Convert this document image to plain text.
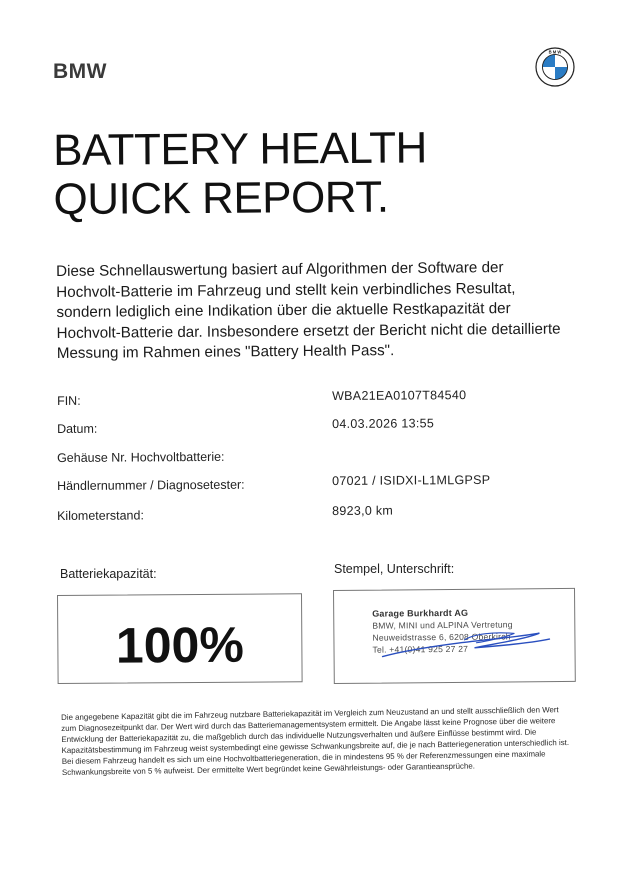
BMW
B M W
BATTERY HEALTH
QUICK REPORT.
Diese Schnellauswertung basiert auf Algorithmen der Software der Hochvolt-Batterie im Fahrzeug und stellt kein verbindliches Resultat, sondern lediglich eine Indikation über die aktuelle Restkapazität der Hochvolt-Batterie dar. Insbesondere ersetzt der Bericht nicht die detaillierte Messung im Rahmen eines "Battery Health Pass".
FIN:	WBA21EA0107T84540
Datum:	04.03.2026 13:55
Gehäuse Nr. Hochvoltbatterie:
Händlernummer / Diagnosetester:	07021 / ISIDXI-L1MLGPSP
Kilometerstand:	8923,0 km
Batteriekapazität:	Stempel, Unterschrift:
100%
Garage Burkhardt AG
BMW, MINI und ALPINA Vertretung
Neuweidstrasse 6, 6208 Oberkirch
Tel. +41(0)41 925 27 27
Die angegebene Kapazität gibt die im Fahrzeug nutzbare Batteriekapazität im Vergleich zum Neuzustand an und stellt ausschließlich den Wert zum Diagnosezeitpunkt dar. Der Wert wird durch das Batteriemanagementsystem ermittelt. Die Angabe lässt keine Prognose über die weitere Entwicklung der Batteriekapazität zu, die maßgeblich durch das individuelle Nutzungsverhalten und äußere Einflüsse bestimmt wird. Die Kapazitätsbestimmung im Fahrzeug weist systembedingt eine gewisse Schwankungsbreite auf, die je nach Batteriegeneration unterschiedlich ist. Bei diesem Fahrzeug handelt es sich um eine Hochvoltbatteriegeneration, die in mindestens 95 % der Referenzmessungen eine maximale Schwankungsbreite von 5 % aufweist. Der ermittelte Wert begründet keine Gewährleistungs- oder Garantieansprüche.
